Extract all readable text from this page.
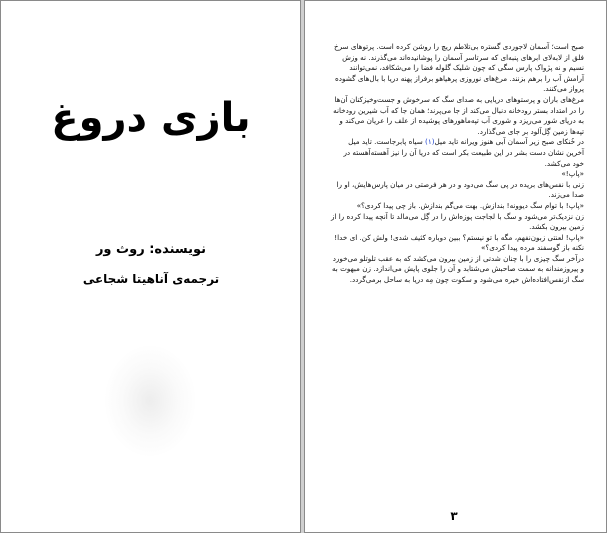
بازی دروغ
نویسنده: روث ور
ترجمه‌ی آناهیتا شجاعی

صبح است؛ آسمان لاجوردی گستره بی‌تلاطم ریچ را روشن کرده است. پرتوهای سرخ فلق از لابه‌لای ابرهای پنبه‌ای که سرتاسر آسمان را پوشانیده‌اند می‌گذرند. نه وزش نسیم و نه پژواک پارس سگی که چون شلیک گلوله فضا را می‌شکافد، نمی‌توانند آرامش آب را برهم بزنند. مرغ‌های نوروزی پرهیاهو برفراز پهنه دریا با بال‌های گشوده پرواز می‌کنند.

مرغ‌های باران و پرستوهای دریایی به صدای سگ که سرخوش و جست‌وخیزکنان آن‌ها را در امتداد بستر رودخانه دنبال می‌کند از جا می‌پرند؛ همان جا که آب شیرین رودخانه به دریای شور می‌ریزد و شوری آب تپه‌ماهورهای پوشیده از علف را عریان می‌کند و تپه‌ها زمین گِل‌آلود بر جای می‌گذارد.

در خُنکای صبح زیر آسمان آبی هنوز ویرانه تاید میل(۱) سیاه پابرجاست. تاید میل آخرین نشان دست بشر در این طبیعت بکر است که دریا آن را نیز آهسته‌آهسته در خود می‌کشد.

«پاپ!»

زنی با نفس‌های بریده در پی سگ می‌دود و در هر فرصتی در میان پارس‌هایش، او را صدا می‌زند.

«پاپ! با توام سگ دیوونه! بندازش. بهت می‌گم بندازش. باز چی پیدا کردی؟»

زن نزدیک‌تر می‌شود و سگ با لجاجت پوزه‌اش را در گِل می‌مالد تا آنچه پیدا کرده را از زمین بیرون بکشد.

«پاپ! لعنتی زبون‌نفهم، مگه با تو نیستم؟ ببین دوباره کثیف شدی! ولش کن. ای خدا! نکنه باز گوسفند مرده پیدا کردی؟»

درآخر سگ چیزی را با چنان شدتی از زمین بیرون می‌کشد که به عقب تلوتلو می‌خورد و پیروزمندانه به سمت صاحبش می‌شتابد و آن را جلوی پایش می‌اندازد. زن مبهوت به سگ ازنفس‌افتاده‌اش خیره می‌شود و سکوت چون مِه دریا به ساحل برمی‌گردد.

۳
